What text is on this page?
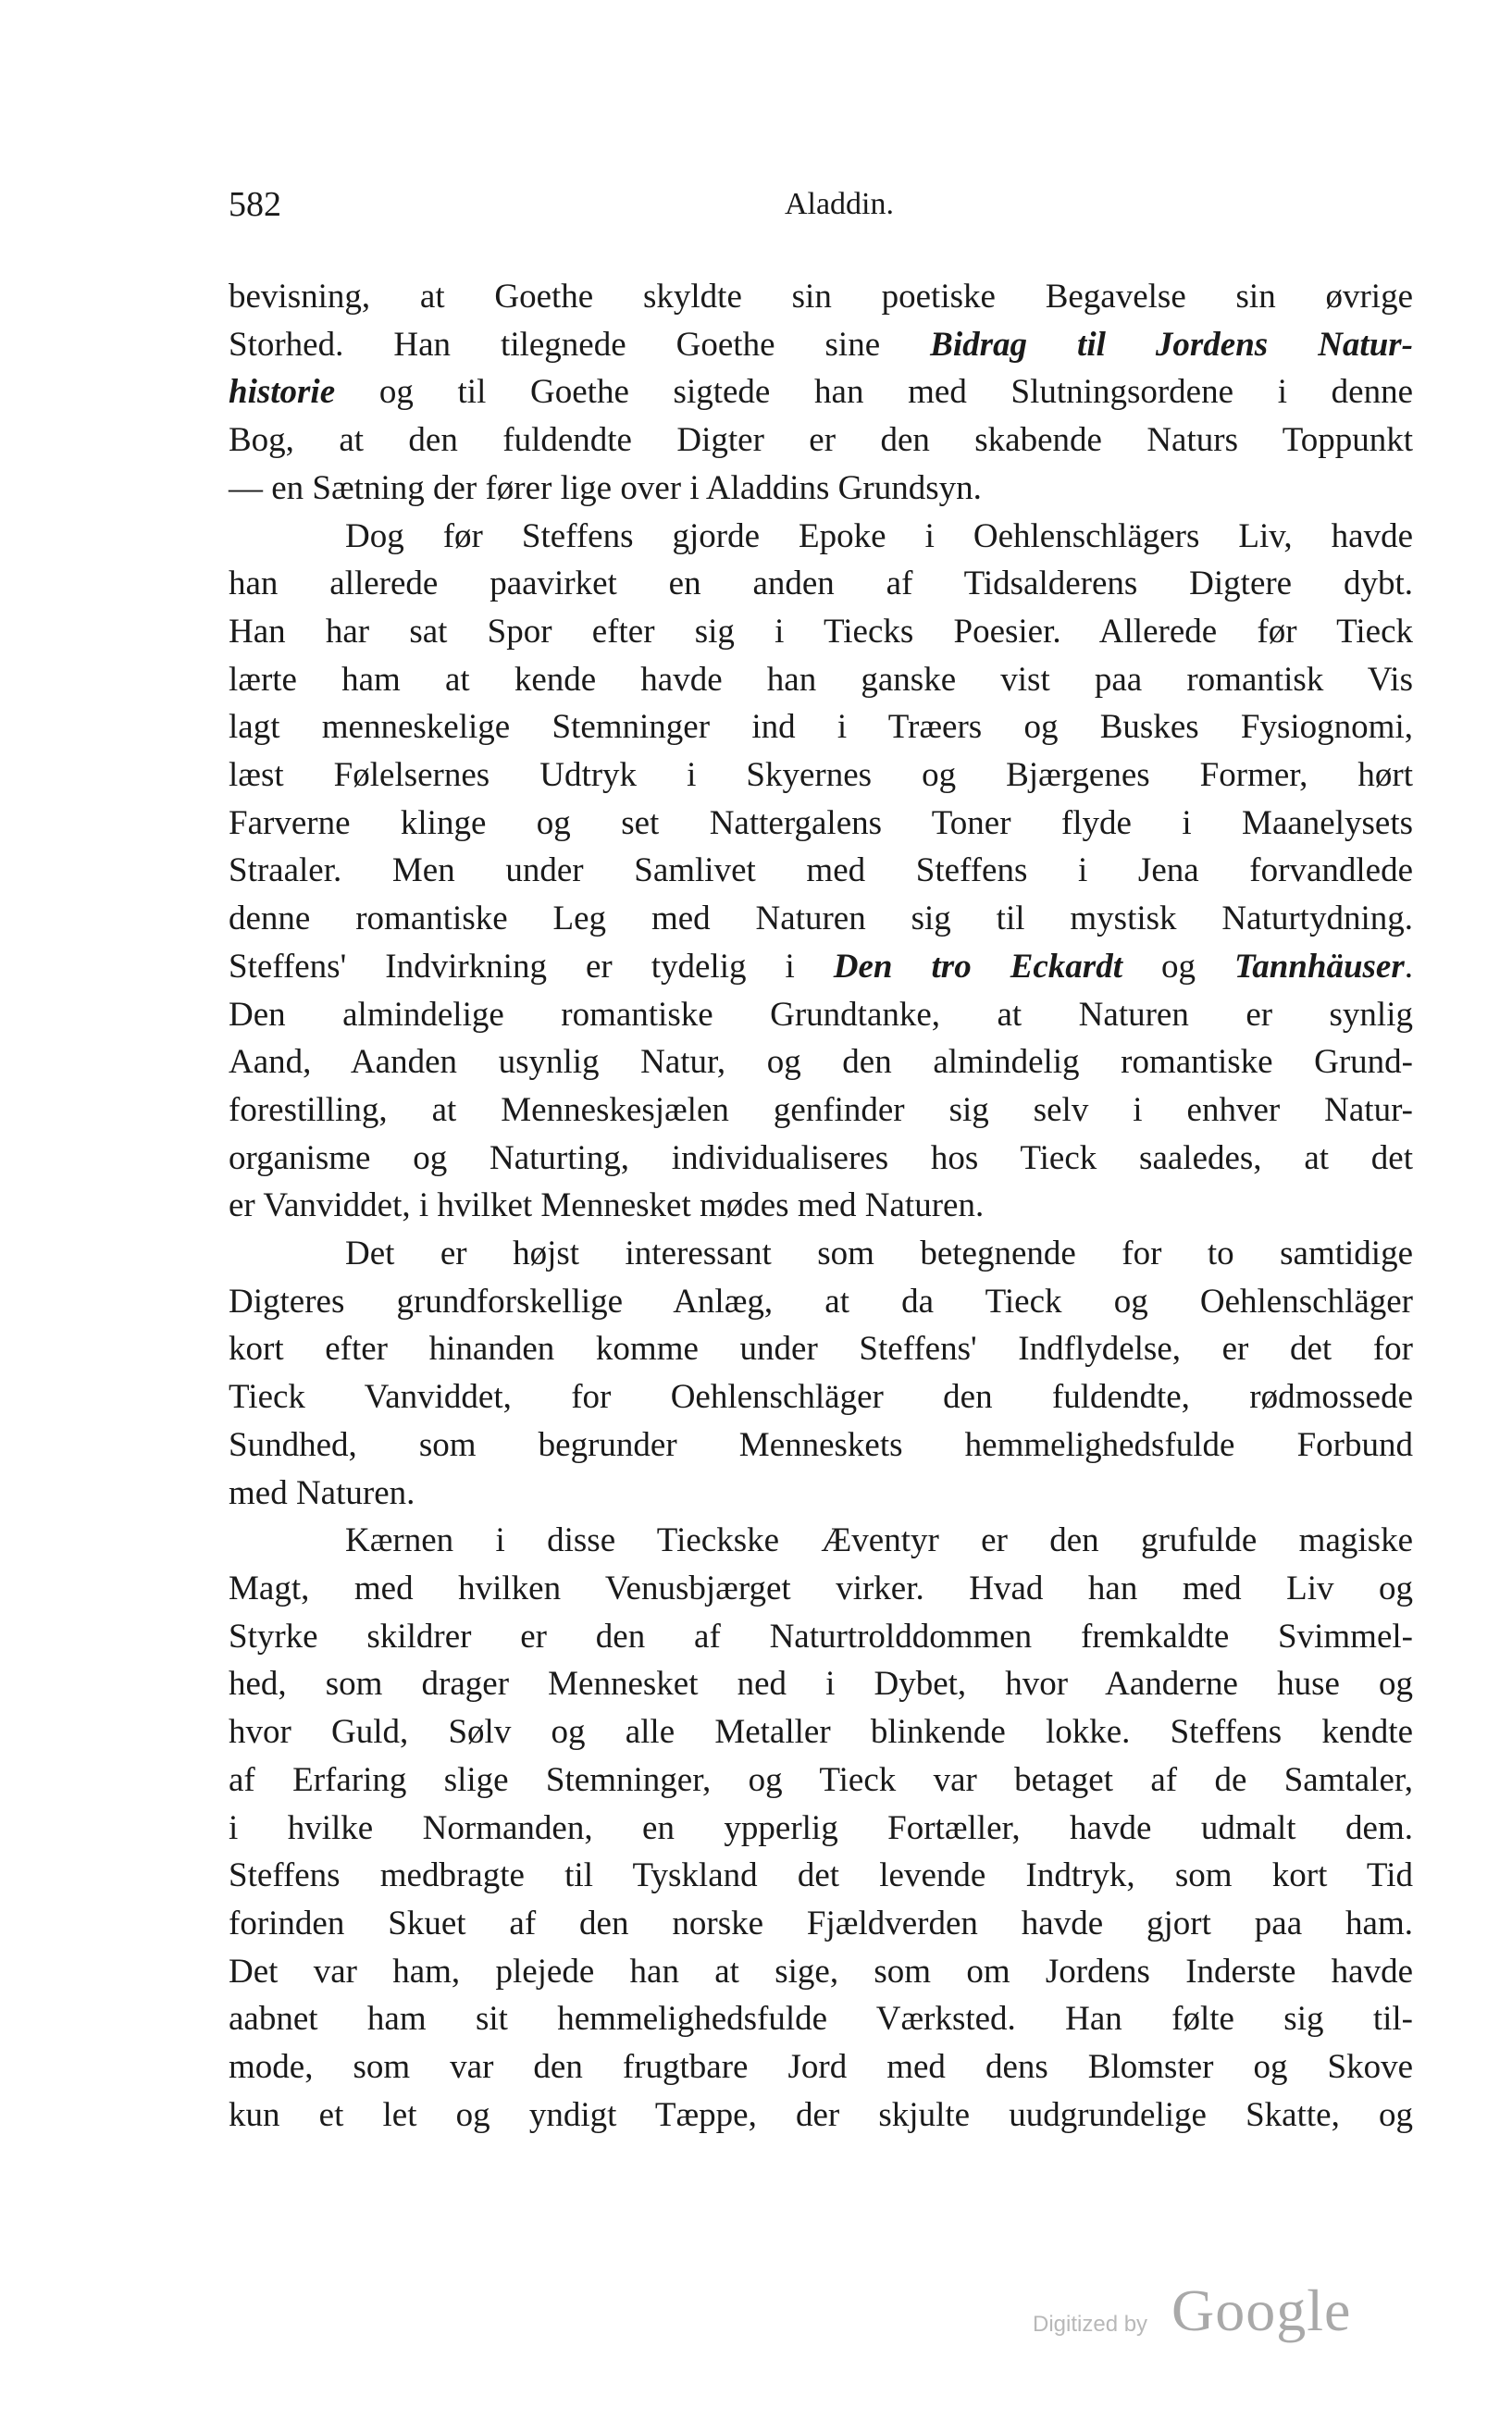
582	Aladdin.
bevisning, at Goethe skyldte sin poetiske Begavelse sin øvrige
Storhed. Han tilegnede Goethe sine Bidrag til Jordens Natur-
historie og til Goethe sigtede han med Slutningsordene i denne
Bog, at den fuldendte Digter er den skabende Naturs Toppunkt
— en Sætning der fører lige over i Aladdins Grundsyn.
Dog før Steffens gjorde Epoke i Oehlenschlägers Liv, havde
han allerede paavirket en anden af Tidsalderens Digtere dybt.
Han har sat Spor efter sig i Tiecks Poesier. Allerede før Tieck
lærte ham at kende havde han ganske vist paa romantisk Vis
lagt menneskelige Stemninger ind i Træers og Buskes Fysiognomi,
læst Følelsernes Udtryk i Skyernes og Bjærgenes Former, hørt
Farverne klinge og set Nattergalens Toner flyde i Maanelysets
Straaler. Men under Samlivet med Steffens i Jena forvandlede
denne romantiske Leg med Naturen sig til mystisk Naturtydning.
Steffens' Indvirkning er tydelig i Den tro Eckardt og Tannhäuser.
Den almindelige romantiske Grundtanke, at Naturen er synlig
Aand, Aanden usynlig Natur, og den almindelig romantiske Grund-
forestilling, at Menneskesjælen genfinder sig selv i enhver Natur-
organisme og Naturting, individualiseres hos Tieck saaledes, at det
er Vanviddet, i hvilket Mennesket mødes med Naturen.
Det er højst interessant som betegnende for to samtidige
Digteres grundforskellige Anlæg, at da Tieck og Oehlenschläger
kort efter hinanden komme under Steffens' Indflydelse, er det for
Tieck Vanviddet, for Oehlenschläger den fuldendte, rødmossede
Sundhed, som begrunder Menneskets hemmelighedsfulde Forbund
med Naturen.
Kærnen i disse Tieckske Æventyr er den grufulde magiske
Magt, med hvilken Venusbjærget virker. Hvad han med Liv og
Styrke skildrer er den af Naturtrolddommen fremkaldte Svimmel-
hed, som drager Mennesket ned i Dybet, hvor Aanderne huse og
hvor Guld, Sølv og alle Metaller blinkende lokke. Steffens kendte
af Erfaring slige Stemninger, og Tieck var betaget af de Samtaler,
i hvilke Normanden, en ypperlig Fortæller, havde udmalt dem.
Steffens medbragte til Tyskland det levende Indtryk, som kort Tid
forinden Skuet af den norske Fjældverden havde gjort paa ham.
Det var ham, plejede han at sige, som om Jordens Inderste havde
aabnet ham sit hemmelighedsfulde Værksted. Han følte sig til-
mode, som var den frugtbare Jord med dens Blomster og Skove
kun et let og yndigt Tæppe, der skjulte uudgrundelige Skatte, og
Digitized by Google
